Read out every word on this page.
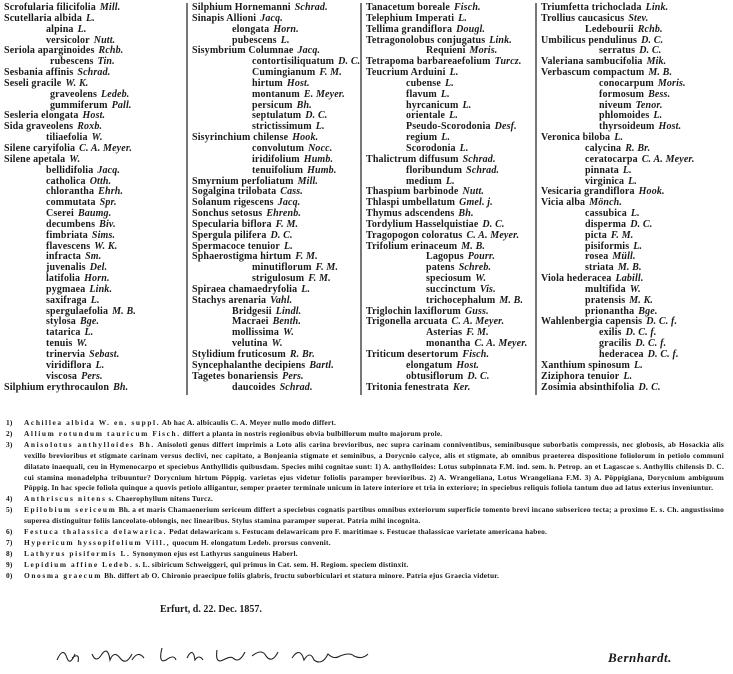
Scrofularia filicifolia Mill.
Scutellaria albida L.
alpina L.
versicolor Nutt.
Seriola aparginoides Rchb.
rubescens Tin.
Sesbania affinis Schrad.
Seseli gracile W. K.
graveolens Ledeb.
gummiferum Pall.
Sesleria elongata Host.
Sida graveolens Roxb.
tiliaefolia W.
Silene caryifolia C. A. Meyer.
Silene apetala W.
bellidifolia Jacq.
catholica Otth.
chlorantha Ehrh.
commutata Spr.
Csereі Baumg.
decumbens Biv.
fimbriata Sims.
flavescens W. K.
infracta Sm.
juvenalis Del.
latifolia Horn.
pygmaea Link.
saxifraga L.
spergulaefolia M. B.
stylosa Bge.
tatarica L.
tenuis W.
trinervia Sebast.
viridiflora L.
viscosa Pers.
Silphium erythrocaulon Bh.
Silphium Hornemanni Schrad.
Sinapis Allioni Jacq.
elongata Horn.
pubescens L.
Sisymbrium Columnae Jacq.
contortisiliquatum D. C.
Cumingianum F. M.
hirtum Host.
montanum E. Meyer.
persicum Bh.
septulatum D. C.
strictissimum L.
Sisyrinchium chilense Hook.
convolutum Nocc.
iridifolium Humb.
tenuifolium Humb.
Smyrnium perfoliatum Mill.
Sogalgina trilobata Cass.
Solanum rigescens Jacq.
Sonchus setosus Ehrenb.
Specularia biflora F. M.
Spergula pilifera D. C.
Spermacoce tenuior L.
Sphaerostigma hirtum F. M.
minutiflorum F. M.
strigulosum F. M.
Spiraea chamaedryfolia L.
Stachys arenaria Vahl.
Bridgesii Lindl.
Macraei Benth.
mollissima W.
velutina W.
Stylidium fruticosum R. Br.
Syncephalanthe decipiens Bartl.
Tagetes bonariensis Pers.
daucoides Schrad.
Tanacetum boreale Fisch.
Telephium Imperati L.
Tellima grandiflora Dougl.
Tetragonolobus conjugatus Link.
Requieni Moris.
Tetrapoma barbareaefolium Turcz.
Teucrium Arduini L.
cubense L.
flavum L.
hyrcanicum L.
orientale L.
Pseudo-Scorodonia Desf.
regium L.
Scorodonia L.
Thalictrum diffusum Schrad.
floribundum Schrad.
medium L.
Thaspium barbinode Nutt.
Thlaspi umbellatum Gmel. j.
Thymus adscendens Bh.
Tordylium Hasselquistiae D. C.
Tragopogon coloratus C. A. Meyer.
Trifolium erinaceum M. B.
Lagopus Pourr.
patens Schreb.
speciosum W.
succinctum Vis.
trichocephalum M. B.
Triglochin laxiflorum Guss.
Trigonella arcuata C. A. Meyer.
Asterias F. M.
monantha C. A. Meyer.
Triticum desertorum Fisch.
elongatum Host.
obtusiflorum D. C.
Tritonia fenestrata Ker.
Triumfetta trichoclada Link.
Trollius caucasicus Stev.
Ledebourii Rchb.
Umbilicus pendulinus D. C.
serratus D. C.
Valeriana sambucifolia Mik.
Verbascum compactum M. B.
conocarpum Moris.
formosum Bess.
niveum Tenor.
phlomoides L.
thyrsoideum Host.
Veronica biloba L.
calycina R. Br.
ceratocarpa C. A. Meyer.
pinnata L.
virginica L.
Vesicaria grandiflora Hook.
Vicia alba Mönch.
cassubica L.
disperma D. C.
picta F. M.
pisiformis L.
rosea Müll.
striata M. B.
Viola hederacea Labill.
multifida W.
pratensis M. K.
prionantha Bge.
Wahlenbergia capensis D. C. f.
exilis D. C. f.
gracilis D. C. f.
hederacea D. C. f.
Xanthium spinosum L.
Ziziphora tenuior L.
Zosimia absinthifolia D. C.
1)	Achillea albida W. en. suppl. Ab hac A. albicaulis C. A. Meyer nullo modo differt.
2)	Allium rotundum tauricum Fisch. differt a planta in nostris regionibus obvia bulbillorum multo majorum prole.
3)	Anisolotus anthylloides Bh. Anisoloti genus differt imprimis a Loto alis carina brevioribus, nec supra carinam conniventibus, seminibusque suborbatis compressis, nec globosis, ab Hosackia alis vexillo brevioribus et stigmate carinam versus declivi, nec capitato, a Bonjeania stigmate et seminibus, a Dorycnio calyce, alis et stigmate, ab omnibus praeterea dispositione foliolorum in petiolo communi dilatato inaequali, ceu in Hymenocarpo et speciebus Anthyllidis quibusdam. Species mihi cognitae sunt: 1) A. anthylloides: Lotus subpinnata F.M. ind. sem. h. Petrop. an et Lagascae s. Anthyllis chilensis D. C. cui stamina monadelpha tribuuntur? Dorycnium hirtum Pöppig. varietas ejus videtur foliolis paramper brevioribus. 2) A. Wrangeliana, Lotus Wrangeliana F.M. 3) A. Pöppigiana, Dorycnium ambiguum Pöppig. In hac specie foliola quinque a quovis petiolo alligantur, semper praeter terminale unicum in latere interiore et tria in exteriore; in speciebus reliquis foliola tantum duo ad latus exterius inveniuntur.
4)	Anthriscus nitens s. Chaerophyllum nitens Turcz.
5)	Epilobium sericeum Bh. a et maris Chamaenerium sericeum differt a speciebus cognatis partibus omnibus exteriorum superficie tomento brevi incano subsericeo tecta; a proximo E. s. Ch. angustissimo superea distinguitur foliis lanceolato-oblongis, nec linearibus. Stylus stamina paramper superat. Patria mihi incognita.
6)	Festuca thalassica delawarica. Pedat delawaricam s. Festucam delawaricam pro F. maritimae s. Festucae thalassicae varietate americana habeo.
7)	Hypericum hyssopifolium Vill., quocum H. elongatum Ledeb. prorsus convenit.
8)	Lathyrus pisiformis L. Synonymon ejus est Lathyrus sanguineus Haberl.
9)	Lepidium affine Ledeb. s. L. sibiricum Schweiggeri, qui primus in Cat. sem. H. Regiom. speciem distinxit.
0)	Onosma graecum Bh. differt ab O. Chironio praecipue foliis glabris, fructu suborbiculari et statura minore. Patria ejus Graecia videtur.
Erfurt, d. 22. Dec. 1857.
Bernhardt.
